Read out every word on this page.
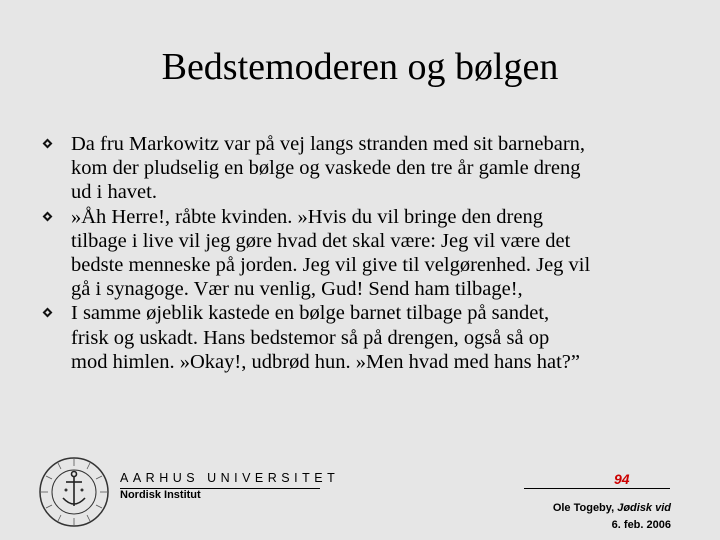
Bedstemoderen og bølgen
Da fru Markowitz var på vej langs stranden med sit barnebarn,
kom der pludselig en bølge og vaskede den tre år gamle dreng
ud i havet.
»Åh Herre!, råbte kvinden. »Hvis du vil bringe den dreng
tilbage i live vil jeg gøre hvad det skal være: Jeg vil være det
bedste menneske på jorden. Jeg vil give til velgørenhed. Jeg vil
gå i synagoge. Vær nu venlig, Gud! Send ham tilbage!,
I samme øjeblik kastede en bølge barnet tilbage på sandet,
frisk og uskadt. Hans bedstemor så på drengen, også så op
mod himlen. »Okay!, udbrød hun. »Men hvad med hans hat?”
AARHUS UNIVERSITET
Nordisk Institut
94
Ole Togeby, Jødisk vid
6. feb. 2006
